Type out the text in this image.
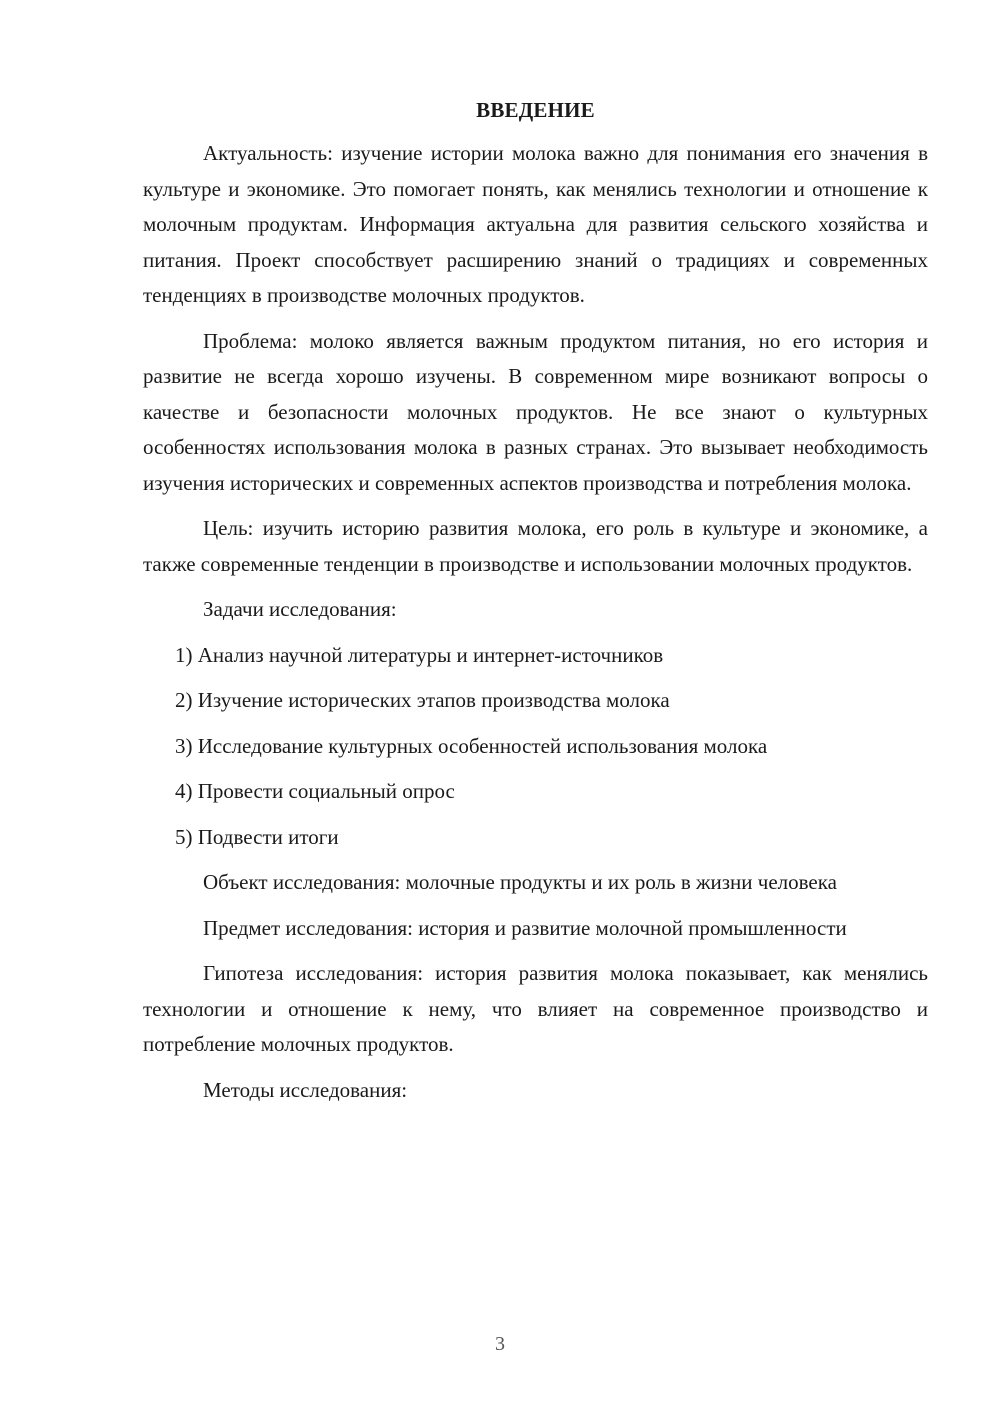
ВВЕДЕНИЕ

Актуальность: изучение истории молока важно для понимания его значения в культуре и экономике. Это помогает понять, как менялись технологии и отношение к молочным продуктам. Информация актуальна для развития сельского хозяйства и питания. Проект способствует расширению знаний о традициях и современных тенденциях в производстве молочных продуктов.

Проблема: молоко является важным продуктом питания, но его история и развитие не всегда хорошо изучены. В современном мире возникают вопросы о качестве и безопасности молочных продуктов. Не все знают о культурных особенностях использования молока в разных странах. Это вызывает необходимость изучения исторических и современных аспектов производства и потребления молока.

Цель: изучить историю развития молока, его роль в культуре и экономике, а также современные тенденции в производстве и использовании молочных продуктов.

Задачи исследования:

1) Анализ научной литературы и интернет-источников

2) Изучение исторических этапов производства молока

3) Исследование культурных особенностей использования молока

4) Провести социальный опрос

5) Подвести итоги

Объект исследования: молочные продукты и их роль в жизни человека

Предмет исследования: история и развитие молочной промышленности

Гипотеза исследования: история развития молока показывает, как менялись технологии и отношение к нему, что влияет на современное производство и потребление молочных продуктов.

Методы исследования:

3
